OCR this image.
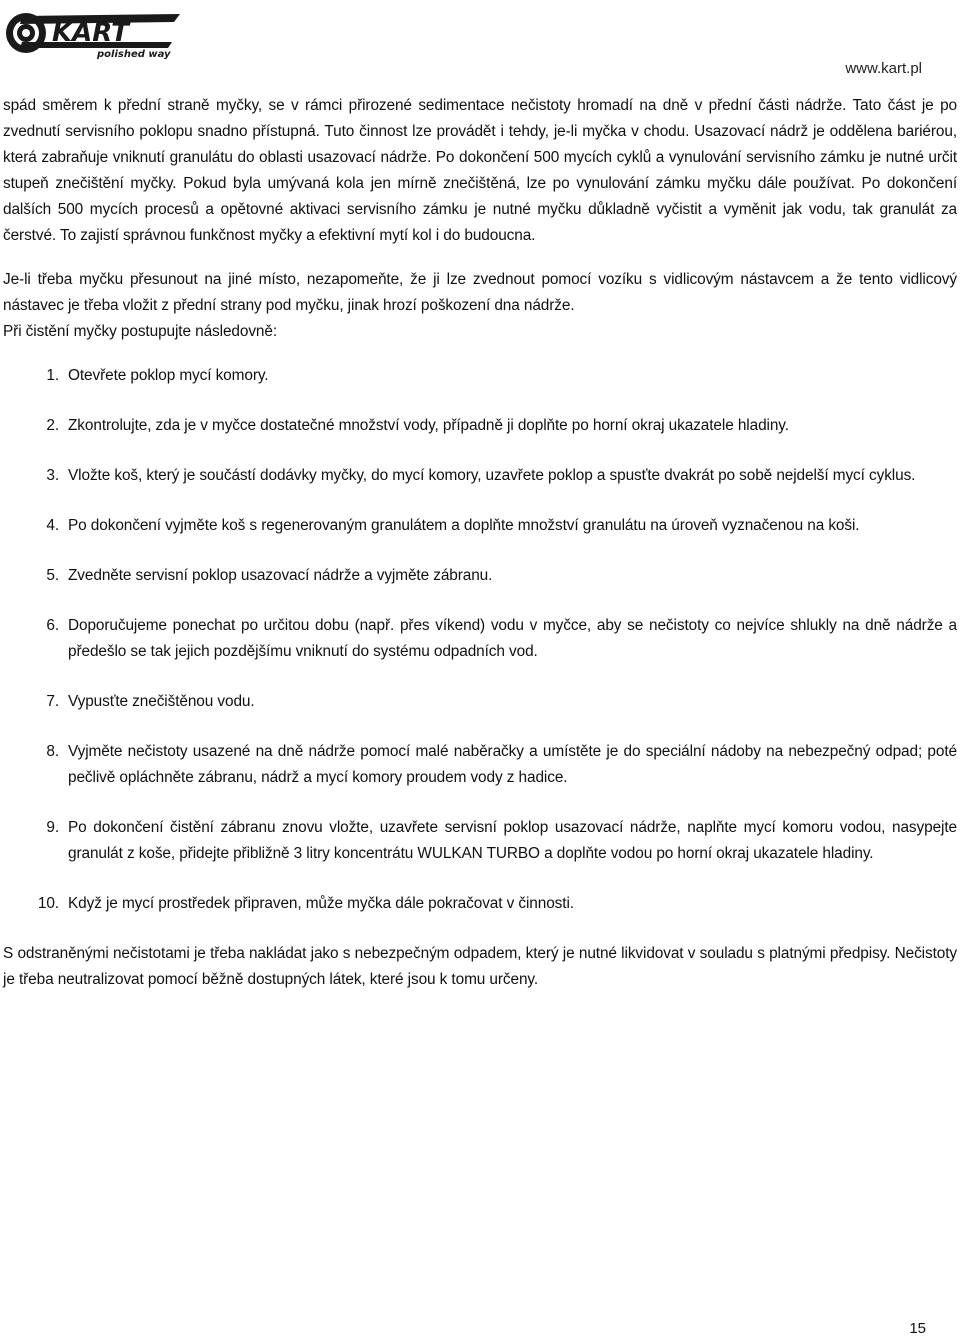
KART
polished way
www.kart.pl

spád směrem k přední straně myčky, se v rámci přirozené sedimentace nečistoty hromadí na dně v přední části nádrže. Tato část je po zvednutí servisního poklopu snadno přístupná. Tuto činnost lze provádět i tehdy, je-li myčka v chodu. Usazovací nádrž je oddělena bariérou, která zabraňuje vniknutí granulátu do oblasti usazovací nádrže. Po dokončení 500 mycích cyklů a vynulování servisního zámku je nutné určit stupeň znečištění myčky. Pokud byla umývaná kola jen mírně znečištěná, lze po vynulování zámku myčku dále používat. Po dokončení dalších 500 mycích procesů a opětovné aktivaci servisního zámku je nutné myčku důkladně vyčistit a vyměnit jak vodu, tak granulát za čerstvé. To zajistí správnou funkčnost myčky a efektivní mytí kol i do budoucna.

Je-li třeba myčku přesunout na jiné místo, nezapomeňte, že ji lze zvednout pomocí vozíku s vidlicovým nástavcem a že tento vidlicový nástavec je třeba vložit z přední strany pod myčku, jinak hrozí poškození dna nádrže.

Při čistění myčky postupujte následovně:

1. Otevřete poklop mycí komory.
2. Zkontrolujte, zda je v myčce dostatečné množství vody, případně ji doplňte po horní okraj ukazatele hladiny.
3. Vložte koš, který je součástí dodávky myčky, do mycí komory, uzavřete poklop a spusťte dvakrát po sobě nejdelší mycí cyklus.
4. Po dokončení vyjměte koš s regenerovaným granulátem a doplňte množství granulátu na úroveň vyznačenou na koši.
5. Zvedněte servisní poklop usazovací nádrže a vyjměte zábranu.
6. Doporučujeme ponechat po určitou dobu (např. přes víkend) vodu v myčce, aby se nečistoty co nejvíce shlukly na dně nádrže a předešlo se tak jejich pozdějšímu vniknutí do systému odpadních vod.
7. Vypusťte znečištěnou vodu.
8. Vyjměte nečistoty usazené na dně nádrže pomocí malé naběračky a umístěte je do speciální nádoby na nebezpečný odpad; poté pečlivě opláchněte zábranu, nádrž a mycí komory proudem vody z hadice.
9. Po dokončení čistění zábranu znovu vložte, uzavřete servisní poklop usazovací nádrže, naplňte mycí komoru vodou, nasypejte granulát z koše, přidejte přibližně 3 litry koncentrátu WULKAN TURBO a doplňte vodou po horní okraj ukazatele hladiny.
10. Když je mycí prostředek připraven, může myčka dále pokračovat v činnosti.

S odstraněnými nečistotami je třeba nakládat jako s nebezpečným odpadem, který je nutné likvidovat v souladu s platnými předpisy. Nečistoty je třeba neutralizovat pomocí běžně dostupných látek, které jsou k tomu určeny.

15
